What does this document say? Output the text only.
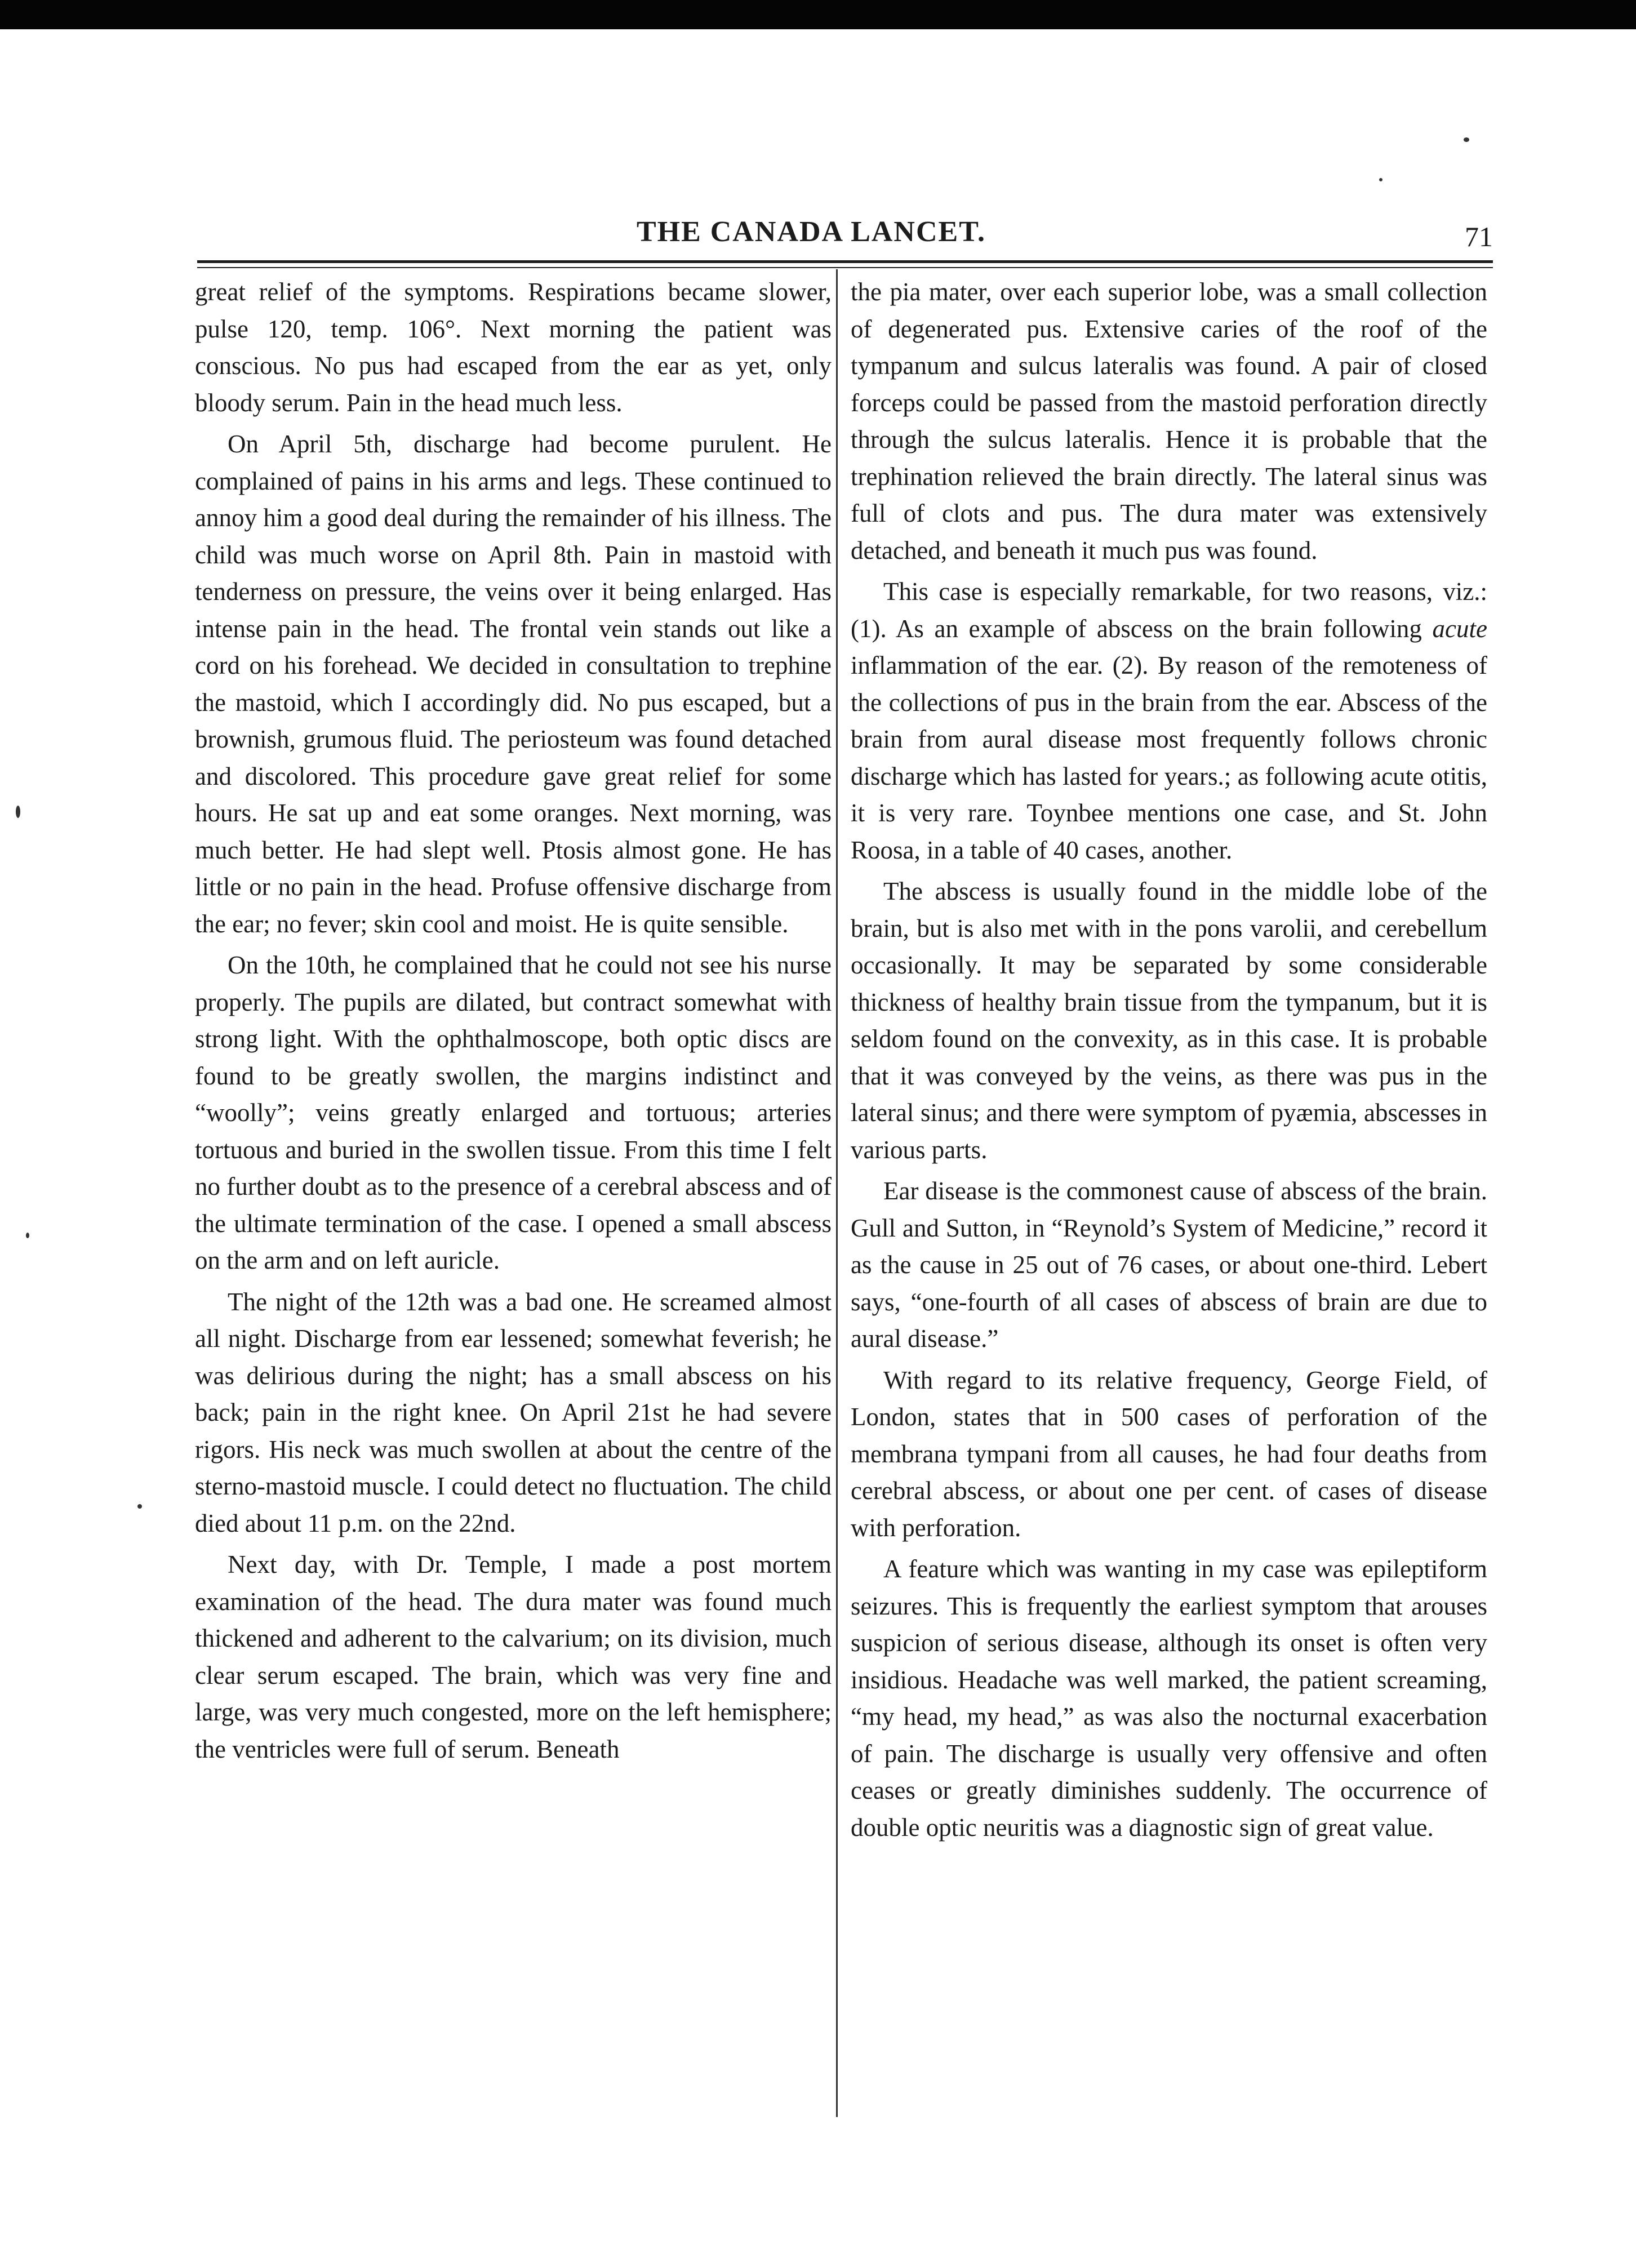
THE CANADA LANCET.	71

great relief of the symptoms. Respirations became slower, pulse 120, temp. 106°. Next morning the patient was conscious. No pus had escaped from the ear as yet, only bloody serum. Pain in the head much less.

On April 5th, discharge had become purulent. He complained of pains in his arms and legs. These continued to annoy him a good deal during the remainder of his illness. The child was much worse on April 8th. Pain in mastoid with tenderness on pressure, the veins over it being enlarged. Has intense pain in the head. The frontal vein stands out like a cord on his forehead. We decided in consultation to trephine the mastoid, which I accordingly did. No pus escaped, but a brownish, grumous fluid. The periosteum was found detached and discolored. This procedure gave great relief for some hours. He sat up and eat some oranges. Next morning, was much better. He had slept well. Ptosis almost gone. He has little or no pain in the head. Profuse offensive discharge from the ear; no fever; skin cool and moist. He is quite sensible.

On the 10th, he complained that he could not see his nurse properly. The pupils are dilated, but contract somewhat with strong light. With the ophthalmoscope, both optic discs are found to be greatly swollen, the margins indistinct and “woolly”; veins greatly enlarged and tortuous; arteries tortuous and buried in the swollen tissue. From this time I felt no further doubt as to the presence of a cerebral abscess and of the ultimate termination of the case. I opened a small abscess on the arm and on left auricle.

The night of the 12th was a bad one. He screamed almost all night. Discharge from ear lessened; somewhat feverish; he was delirious during the night; has a small abscess on his back; pain in the right knee. On April 21st he had severe rigors. His neck was much swollen at about the centre of the sterno-mastoid muscle. I could detect no fluctuation. The child died about 11 p.m. on the 22nd.

Next day, with Dr. Temple, I made a post mortem examination of the head. The dura mater was found much thickened and adherent to the calvarium; on its division, much clear serum escaped. The brain, which was very fine and large, was very much congested, more on the left hemisphere; the ventricles were full of serum. Beneath

the pia mater, over each superior lobe, was a small collection of degenerated pus. Extensive caries of the roof of the tympanum and sulcus lateralis was found. A pair of closed forceps could be passed from the mastoid perforation directly through the sulcus lateralis. Hence it is probable that the trephination relieved the brain directly. The lateral sinus was full of clots and pus. The dura mater was extensively detached, and beneath it much pus was found.

This case is especially remarkable, for two reasons, viz.: (1). As an example of abscess on the brain following acute inflammation of the ear. (2). By reason of the remoteness of the collections of pus in the brain from the ear. Abscess of the brain from aural disease most frequently follows chronic discharge which has lasted for years.; as following acute otitis, it is very rare. Toynbee mentions one case, and St. John Roosa, in a table of 40 cases, another.

The abscess is usually found in the middle lobe of the brain, but is also met with in the pons varolii, and cerebellum occasionally. It may be separated by some considerable thickness of healthy brain tissue from the tympanum, but it is seldom found on the convexity, as in this case. It is probable that it was conveyed by the veins, as there was pus in the lateral sinus; and there were symptom of pyæmia, abscesses in various parts.

Ear disease is the commonest cause of abscess of the brain. Gull and Sutton, in “Reynold’s System of Medicine,” record it as the cause in 25 out of 76 cases, or about one-third. Lebert says, “one-fourth of all cases of abscess of brain are due to aural disease.”

With regard to its relative frequency, George Field, of London, states that in 500 cases of perforation of the membrana tympani from all causes, he had four deaths from cerebral abscess, or about one per cent. of cases of disease with perforation.

A feature which was wanting in my case was epileptiform seizures. This is frequently the earliest symptom that arouses suspicion of serious disease, although its onset is often very insidious. Headache was well marked, the patient screaming, “my head, my head,” as was also the nocturnal exacerbation of pain. The discharge is usually very offensive and often ceases or greatly diminishes suddenly. The occurrence of double optic neuritis was a diagnostic sign of great value.
